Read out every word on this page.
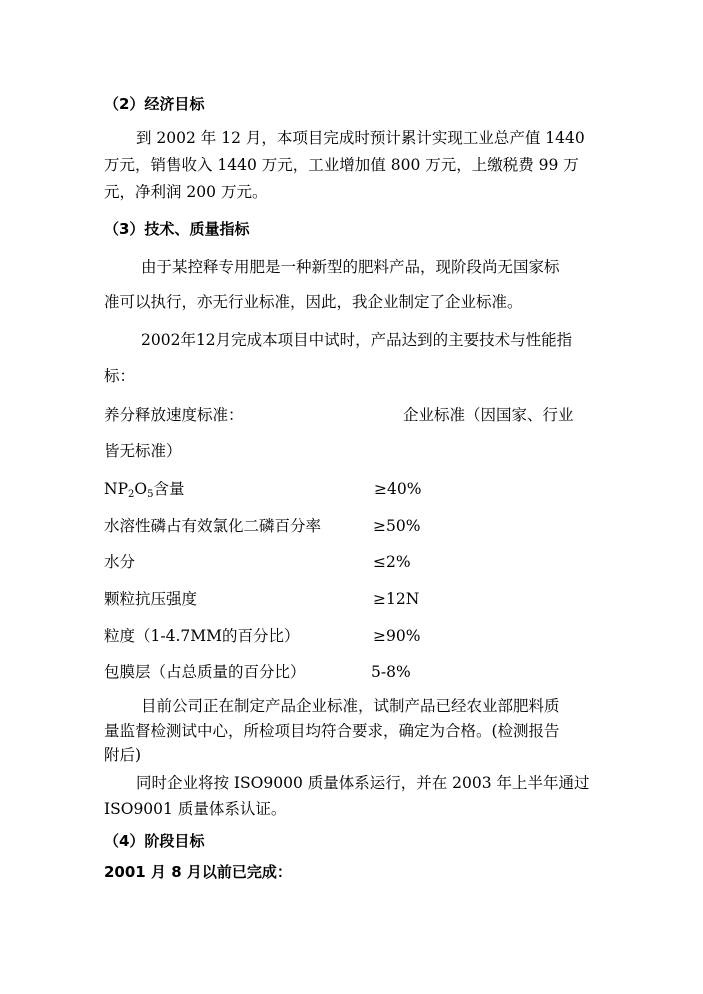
（2）经济目标
到 2002 年 12 月，本项目完成时预计累计实现工业总产值 1440
万元，销售收入 1440 万元，工业增加值 800 万元，上缴税费 99 万
元，净利润 200 万元。
（3）技术、质量指标
由于某控释专用肥是一种新型的肥料产品，现阶段尚无国家标
准可以执行，亦无行业标准，因此，我企业制定了企业标准。
2002年12月完成本项目中试时，产品达到的主要技术与性能指
标：
养分释放速度标准：	企业标准（因国家、行业
皆无标准）
$NP_2O_5$含量	≥40%
水溶性磷占有效氯化二磷百分率	≥50%
水分	≤2%
颗粒抗压强度	≥12N
粒度（1-4.7MM的百分比）	≥90%
包膜层（占总质量的百分比）	5-8%
目前公司正在制定产品企业标准，试制产品已经农业部肥料质
量监督检测试中心，所检项目均符合要求，确定为合格。(检测报告
附后)
同时企业将按 ISO9000 质量体系运行，并在 2003 年上半年通过
ISO9001 质量体系认证。
（4）阶段目标
2001 月 8 月以前已完成：
